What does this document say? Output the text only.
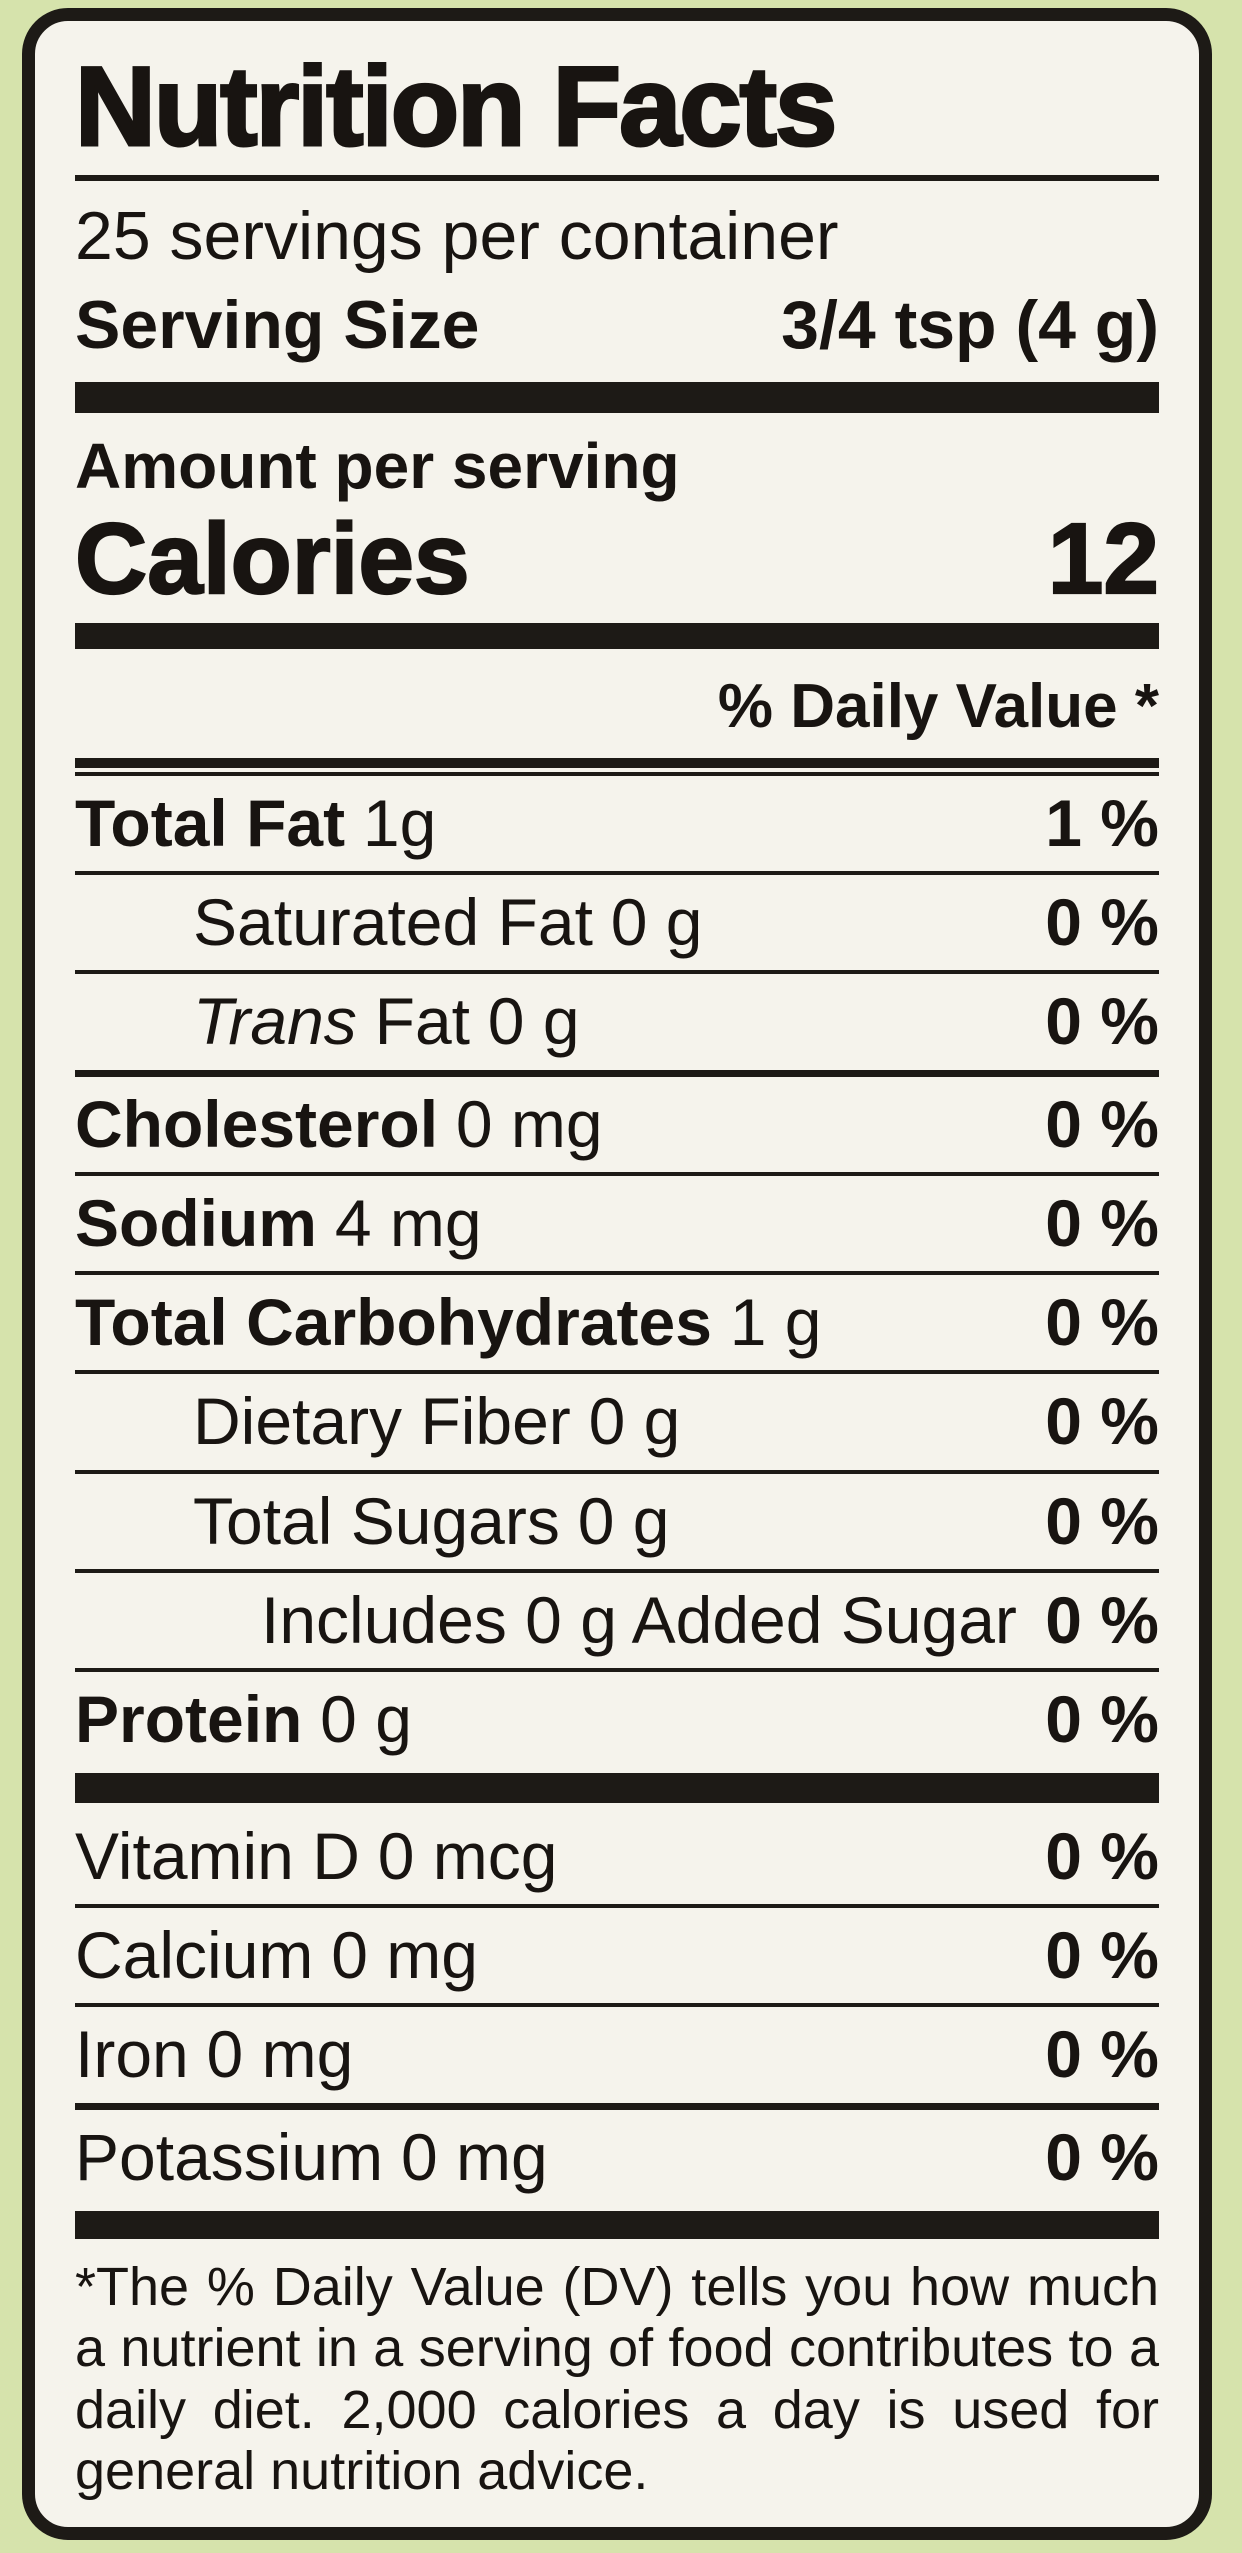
Nutrition Facts
25 servings per container
Serving Size	3/4 tsp (4 g)
Amount per serving
Calories	12
% Daily Value *
Total Fat 1g	1 %
Saturated Fat 0 g	0 %
Trans Fat 0 g	0 %
Cholesterol 0 mg	0 %
Sodium 4 mg	0 %
Total Carbohydrates 1 g	0 %
Dietary Fiber 0 g	0 %
Total Sugars 0 g	0 %
Includes 0 g Added Sugar 0 %
Protein 0 g	0 %
Vitamin D 0 mcg	0 %
Calcium 0 mg	0 %
Iron 0 mg	0 %
Potassium 0 mg	0 %
*The % Daily Value (DV) tells you how much a nutrient in a serving of food contributes to a daily diet. 2,000 calories a day is used for general nutrition advice.
